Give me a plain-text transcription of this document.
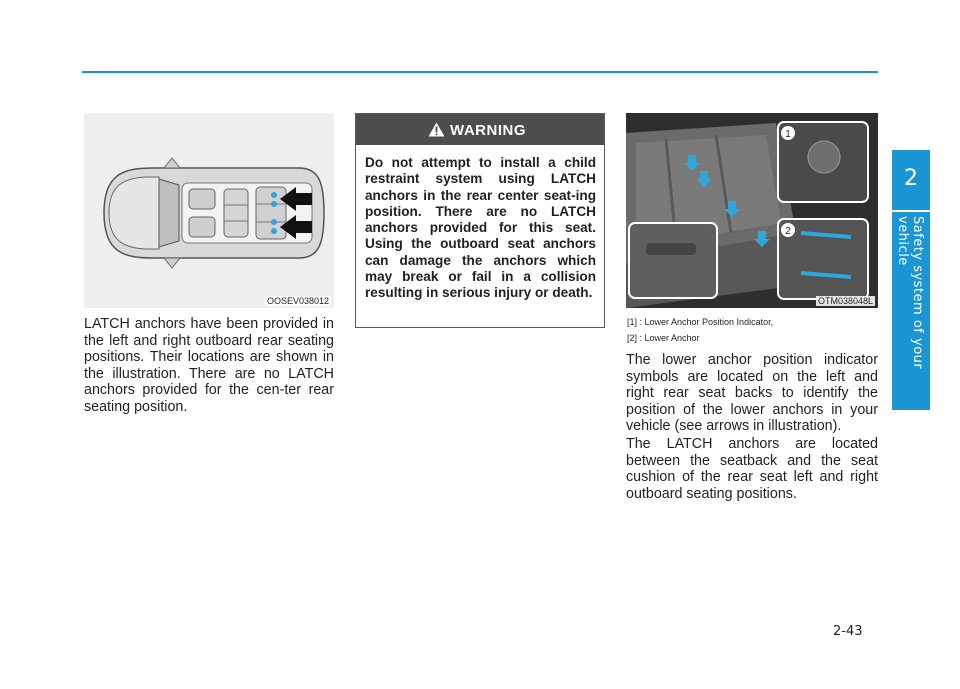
2
Safety system of your vehicle
OOSEV038012
LATCH anchors have been provided in the left and right outboard rear seating positions. Their locations are shown in the illustration. There are no LATCH anchors provided for the cen-ter rear seating position.
WARNING
Do not attempt to install a child restraint system using LATCH anchors in the rear center seat-ing position. There are no LATCH anchors provided for this seat. Using the outboard seat anchors can damage the anchors which may break or fail in a collision resulting in serious injury or death.
1
2
OTM038048L
[1] : Lower Anchor Position Indicator,
[2] : Lower Anchor
The lower anchor position indicator symbols are located on the left and right rear seat backs to identify the position of the lower anchors in your vehicle (see arrows in illustration).
The LATCH anchors are located between the seatback and the seat cushion of the rear seat left and right outboard seating positions.
2-43
